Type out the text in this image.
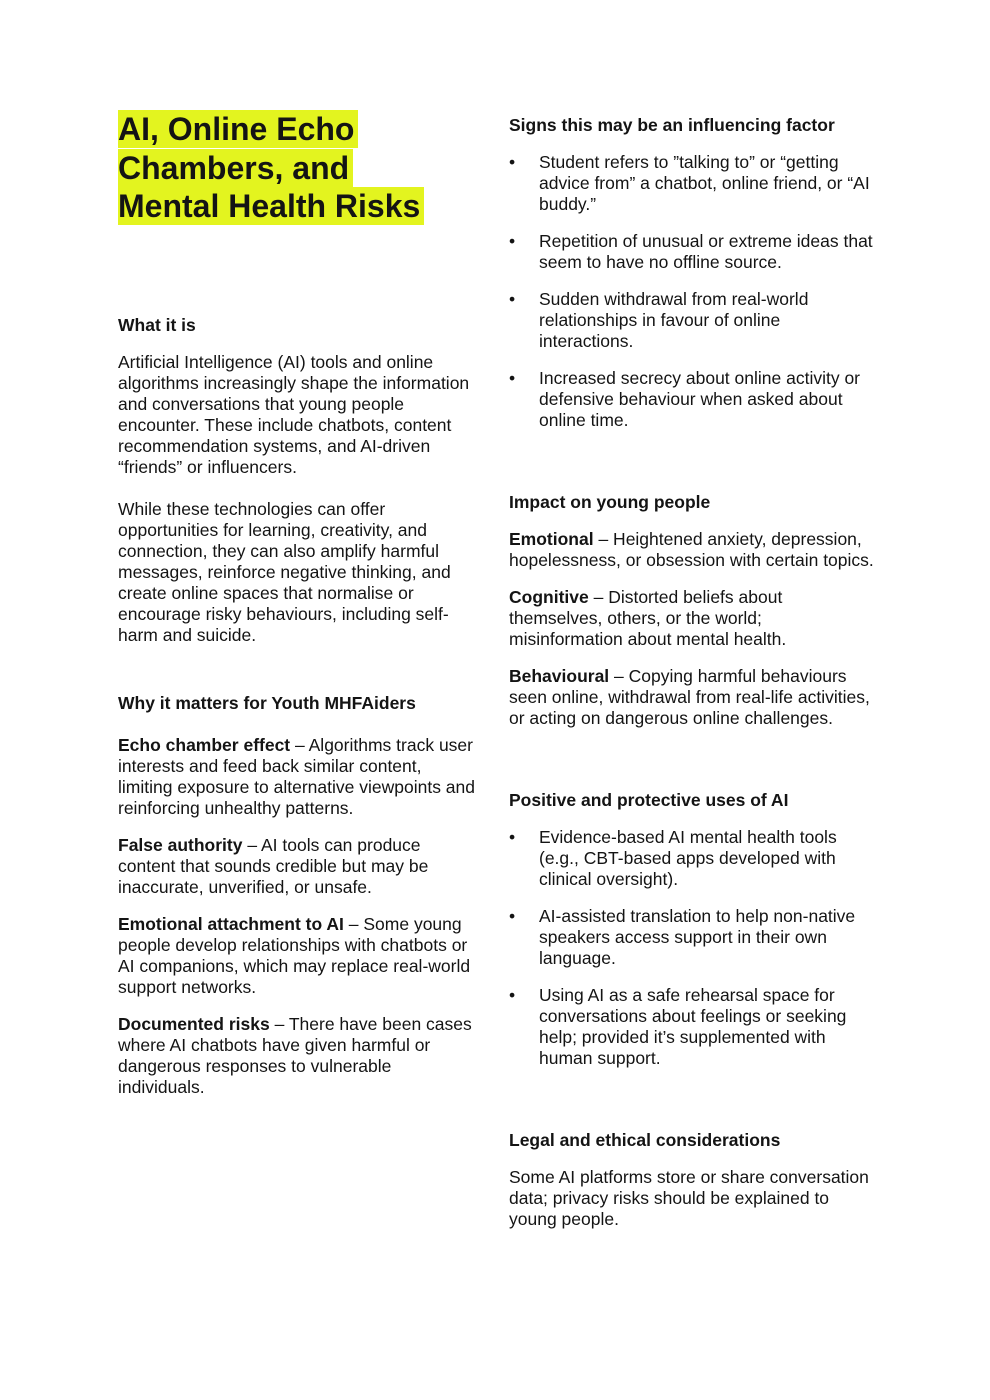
AI, Online Echo
Chambers, and
Mental Health Risks
What it is

Artificial Intelligence (AI) tools and online algorithms increasingly shape the information and conversations that young people encounter. These include chatbots, content recommendation systems, and AI-driven “friends” or influencers.

While these technologies can offer opportunities for learning, creativity, and connection, they can also amplify harmful messages, reinforce negative thinking, and create online spaces that normalise or encourage risky behaviours, including self-harm and suicide.

Why it matters for Youth MHFAiders

Echo chamber effect – Algorithms track user interests and feed back similar content, limiting exposure to alternative viewpoints and reinforcing unhealthy patterns.

False authority – AI tools can produce content that sounds credible but may be inaccurate, unverified, or unsafe.

Emotional attachment to AI – Some young people develop relationships with chatbots or AI companions, which may replace real-world support networks.

Documented risks – There have been cases where AI chatbots have given harmful or dangerous responses to vulnerable individuals.

Signs this may be an influencing factor
• Student refers to ”talking to” or “getting advice from” a chatbot, online friend, or “AI buddy.”
• Repetition of unusual or extreme ideas that seem to have no offline source.
• Sudden withdrawal from real-world relationships in favour of online interactions.
• Increased secrecy about online activity or defensive behaviour when asked about online time.
Impact on young people

Emotional – Heightened anxiety, depression, hopelessness, or obsession with certain topics.

Cognitive – Distorted beliefs about themselves, others, or the world; misinformation about mental health.

Behavioural – Copying harmful behaviours seen online, withdrawal from real-life activities, or acting on dangerous online challenges.

Positive and protective uses of AI
• Evidence-based AI mental health tools (e.g., CBT-based apps developed with clinical oversight).
• AI-assisted translation to help non-native speakers access support in their own language.
• Using AI as a safe rehearsal space for conversations about feelings or seeking help; provided it’s supplemented with human support.
Legal and ethical considerations

Some AI platforms store or share conversation data; privacy risks should be explained to young people.
